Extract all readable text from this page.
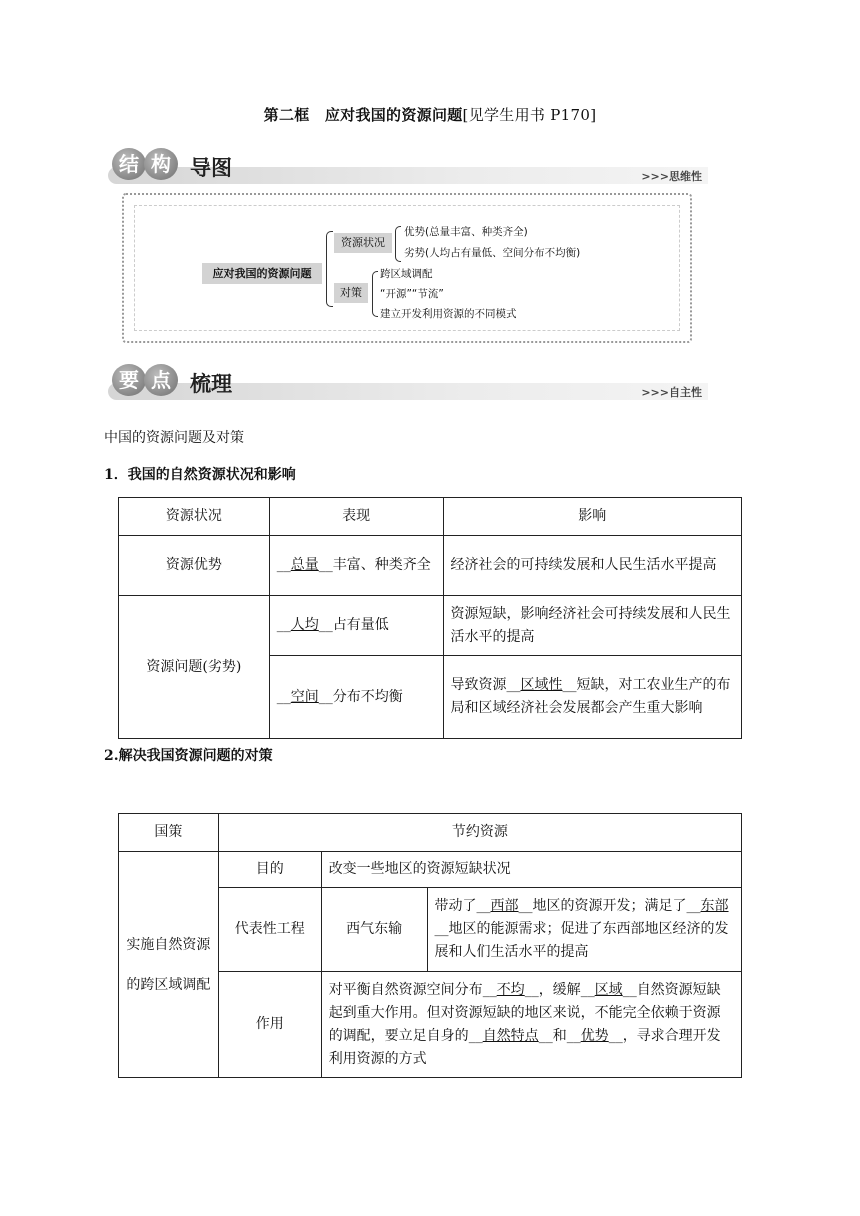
第二框　应对我国的资源问题[见学生用书 P170]
结 构 导图	>>>思维性
应对我国的资源问题
资源状况
对策
优势(总量丰富、种类齐全)
劣势(人均占有量低、空间分布不均衡)
跨区域调配
“开源”“节流”
建立开发利用资源的不同模式
要 点 梳理	>>>自主性
中国的资源问题及对策
1．我国的自然资源状况和影响
资源状况	表现	影响
资源优势	__总量__丰富、种类齐全	经济社会的可持续发展和人民生活水平提高
资源问题(劣势)	__人均__占有量低	资源短缺，影响经济社会可持续发展和人民生活水平的提高
	__空间__分布不均衡	导致资源__区域性__短缺，对工农业生产的布局和区域经济社会发展都会产生重大影响
2.解决我国资源问题的对策
国策	节约资源		
实施自然资源的跨区域调配	目的	改变一些地区的资源短缺状况	
	代表性工程	西气东输	带动了__西部__地区的资源开发；满足了__东部__地区的能源需求；促进了东西部地区经济的发展和人们生活水平的提高
	作用	对平衡自然资源空间分布__不均__，缓解__区域__自然资源短缺起到重大作用。但对资源短缺的地区来说，不能完全依赖于资源的调配，要立足自身的__自然特点__和__优势__，寻求合理开发利用资源的方式	
